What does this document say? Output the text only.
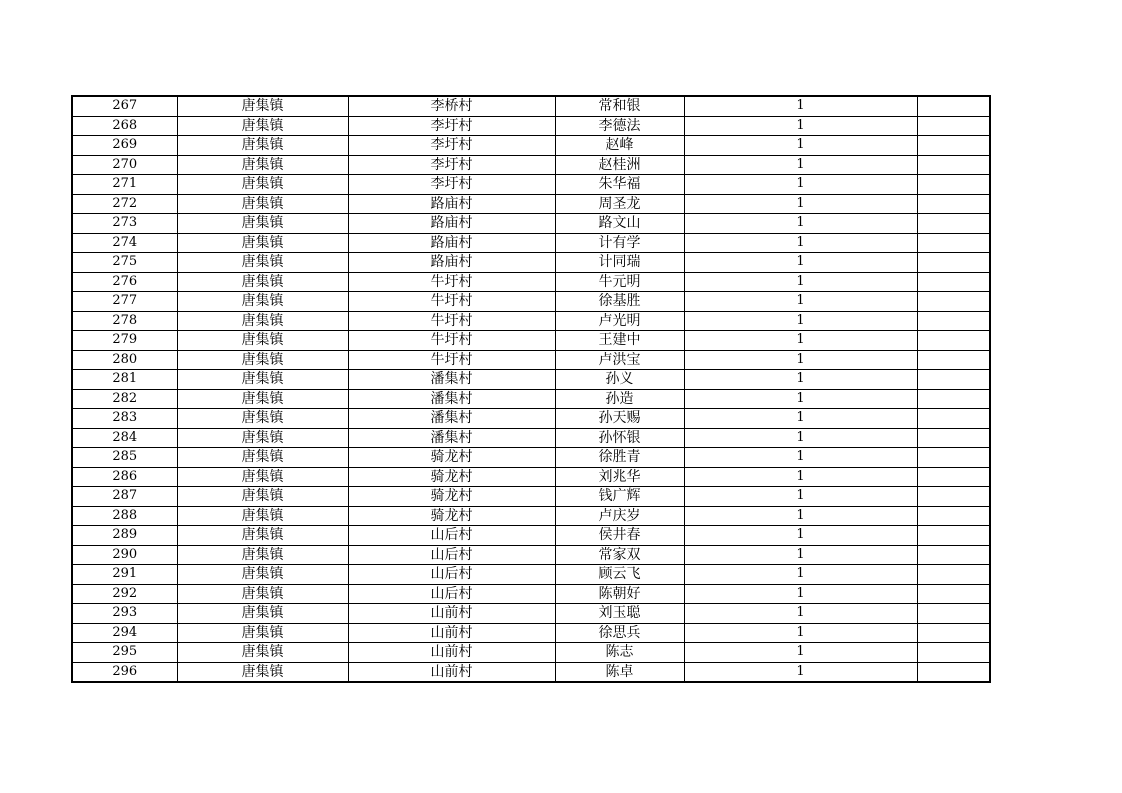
267	唐集镇	李桥村	常和银	1	
268	唐集镇	李圩村	李德法	1	
269	唐集镇	李圩村	赵峰	1	
270	唐集镇	李圩村	赵桂洲	1	
271	唐集镇	李圩村	朱华福	1	
272	唐集镇	路庙村	周圣龙	1	
273	唐集镇	路庙村	路文山	1	
274	唐集镇	路庙村	计有学	1	
275	唐集镇	路庙村	计同瑞	1	
276	唐集镇	牛圩村	牛元明	1	
277	唐集镇	牛圩村	徐基胜	1	
278	唐集镇	牛圩村	卢光明	1	
279	唐集镇	牛圩村	王建中	1	
280	唐集镇	牛圩村	卢洪宝	1	
281	唐集镇	潘集村	孙义	1	
282	唐集镇	潘集村	孙造	1	
283	唐集镇	潘集村	孙天赐	1	
284	唐集镇	潘集村	孙怀银	1	
285	唐集镇	骑龙村	徐胜青	1	
286	唐集镇	骑龙村	刘兆华	1	
287	唐集镇	骑龙村	钱广辉	1	
288	唐集镇	骑龙村	卢庆岁	1	
289	唐集镇	山后村	侯井春	1	
290	唐集镇	山后村	常家双	1	
291	唐集镇	山后村	顾云飞	1	
292	唐集镇	山后村	陈朝好	1	
293	唐集镇	山前村	刘玉聪	1	
294	唐集镇	山前村	徐思兵	1	
295	唐集镇	山前村	陈志	1	
296	唐集镇	山前村	陈卓	1	
